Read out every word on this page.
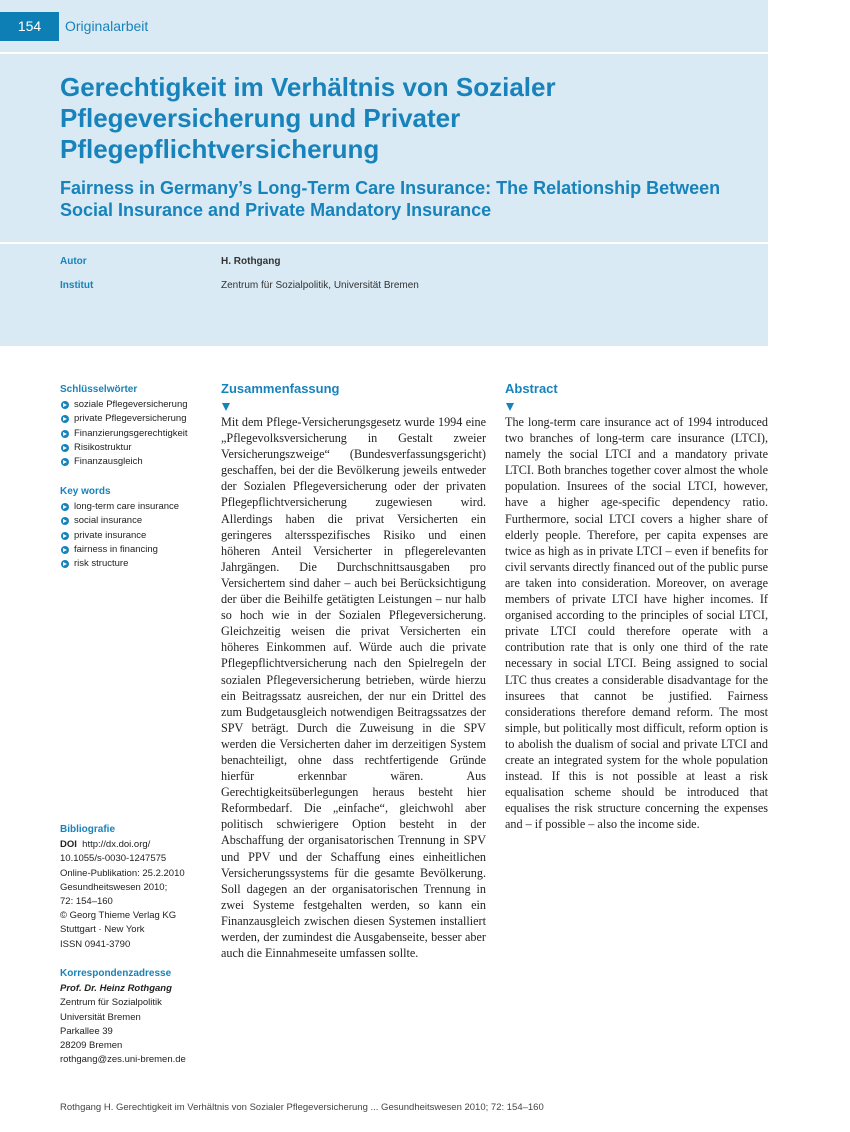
154	Originalarbeit
Gerechtigkeit im Verhältnis von Sozialer Pflegeversicherung und Privater Pflegepflichtversicherung
Fairness in Germany’s Long-Term Care Insurance: The Relationship Between Social Insurance and Private Mandatory Insurance
Autor	H. Rothgang
Institut	Zentrum für Sozialpolitik, Universität Bremen
Schlüsselwörter
soziale Pflegeversicherung
private Pflegeversicherung
Finanzierungsgerechtigkeit
Risikostruktur
Finanzausgleich
Key words
long-term care insurance
social insurance
private insurance
fairness in financing
risk structure
Bibliografie
DOI http://dx.doi.org/
10.1055/s-0030-1247575
Online-Publikation: 25.2.2010
Gesundheitswesen 2010;
72: 154–160
© Georg Thieme Verlag KG
Stuttgart · New York
ISSN 0941-3790
Korrespondenzadresse
Prof. Dr. Heinz Rothgang
Zentrum für Sozialpolitik
Universität Bremen
Parkallee 39
28209 Bremen
rothgang@zes.uni-bremen.de
Zusammenfassung
Mit dem Pflege-Versicherungsgesetz wurde 1994 eine „Pflegevolksversicherung in Gestalt zweier Versicherungszweige“ (Bundesverfassungsgericht) geschaffen, bei der die Bevölkerung jeweils entweder der Sozialen Pflegeversicherung oder der privaten Pflegepflichtversicherung zugewiesen wird. Allerdings haben die privat Versicherten ein geringeres altersspezifisches Risiko und einen höheren Anteil Versicherter in pflegerelevanten Jahrgängen. Die Durchschnittsausgaben pro Versichertem sind daher – auch bei Berücksichtigung der über die Beihilfe getätigten Leistungen – nur halb so hoch wie in der Sozialen Pflegeversicherung. Gleichzeitig weisen die privat Versicherten ein höheres Einkommen auf. Würde auch die private Pflegepflichtversicherung nach den Spielregeln der sozialen Pflegeversicherung betrieben, würde hierzu ein Beitragssatz ausreichen, der nur ein Drittel des zum Budgetausgleich notwendigen Beitragssatzes der SPV beträgt. Durch die Zuweisung in die SPV werden die Versicherten daher im derzeitigen System benachteiligt, ohne dass rechtfertigende Gründe hierfür erkennbar wären. Aus Gerechtigkeitsüberlegungen heraus besteht hier Reformbedarf. Die „einfache“, gleichwohl aber politisch schwierigere Option besteht in der Abschaffung der organisatorischen Trennung in SPV und PPV und der Schaffung eines einheitlichen Versicherungssystems für die gesamte Bevölkerung. Soll dagegen an der organisatorischen Trennung in zwei Systeme festgehalten werden, so kann ein Finanzausgleich zwischen diesen Systemen installiert werden, der zumindest die Ausgabenseite, besser aber auch die Einnahmeseite umfassen sollte.
Abstract
The long-term care insurance act of 1994 introduced two branches of long-term care insurance (LTCI), namely the social LTCI and a mandatory private LTCI. Both branches together cover almost the whole population. Insurees of the social LTCI, however, have a higher age-specific dependency ratio. Furthermore, social LTCI covers a higher share of elderly people. Therefore, per capita expenses are twice as high as in private LTCI – even if benefits for civil servants directly financed out of the public purse are taken into consideration. Moreover, on average members of private LTCI have higher incomes. If organised according to the principles of social LTCI, private LTCI could therefore operate with a contribution rate that is only one third of the rate necessary in social LTCI. Being assigned to social LTC thus creates a considerable disadvantage for the insurees that cannot be justified. Fairness considerations therefore demand reform. The most simple, but politically most difficult, reform option is to abolish the dualism of social and private LTCI and create an integrated system for the whole population instead. If this is not possible at least a risk equalisation scheme should be introduced that equalises the risk structure concerning the expenses and – if possible – also the income side.
Rothgang H. Gerechtigkeit im Verhältnis von Sozialer Pflegeversicherung ... Gesundheitswesen 2010; 72: 154–160
